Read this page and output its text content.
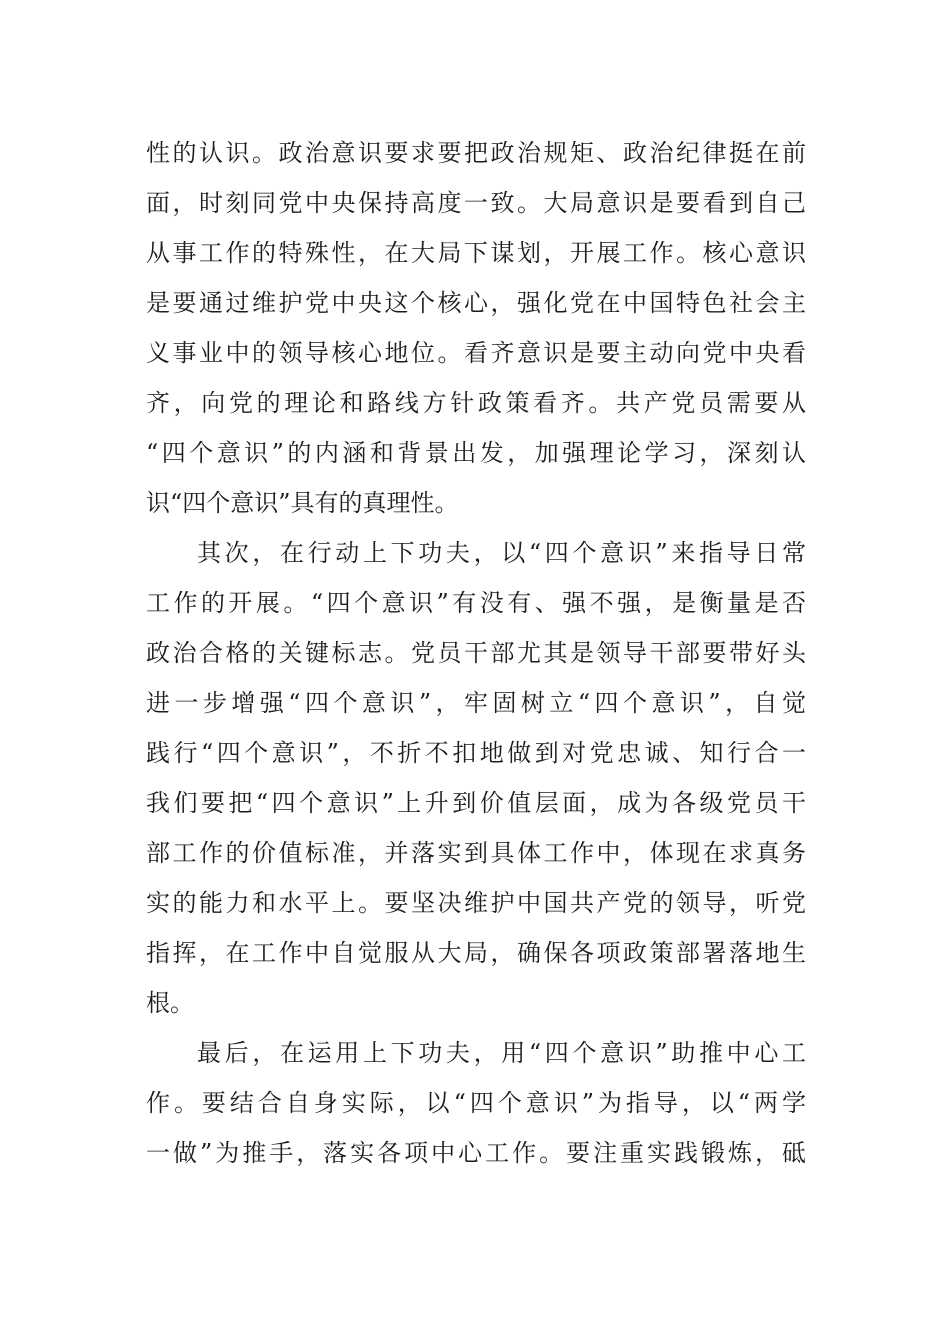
性的认识。政治意识要求要把政治规矩、政治纪律挺在前
面，时刻同党中央保持高度一致。大局意识是要看到自己
从事工作的特殊性，在大局下谋划，开展工作。核心意识
是要通过维护党中央这个核心，强化党在中国特色社会主
义事业中的领导核心地位。看齐意识是要主动向党中央看
齐，向党的理论和路线方针政策看齐。共产党员需要从
“四个意识”的内涵和背景出发，加强理论学习，深刻认
识“四个意识”具有的真理性。
其次，在行动上下功夫，以“四个意识”来指导日常
工作的开展。“四个意识”有没有、强不强，是衡量是否
政治合格的关键标志。党员干部尤其是领导干部要带好头
进一步增强“四个意识”，牢固树立“四个意识”，自觉
践行“四个意识”，不折不扣地做到对党忠诚、知行合一
我们要把“四个意识”上升到价值层面，成为各级党员干
部工作的价值标准，并落实到具体工作中，体现在求真务
实的能力和水平上。要坚决维护中国共产党的领导，听党
指挥，在工作中自觉服从大局，确保各项政策部署落地生
根。
最后，在运用上下功夫，用“四个意识”助推中心工
作。要结合自身实际，以“四个意识”为指导，以“两学
一做”为推手，落实各项中心工作。要注重实践锻炼，砥
